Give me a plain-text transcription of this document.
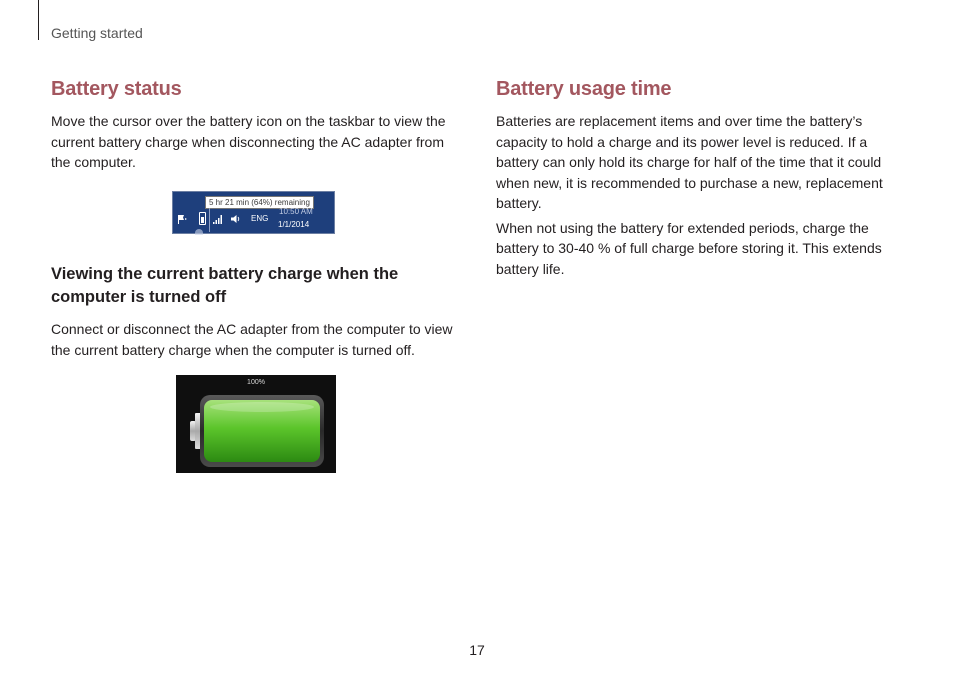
Getting started
Battery status

Move the cursor over the battery icon on the taskbar to view the current battery charge when disconnecting the AC adapter from the computer.

5 hr 21 min (64%) remaining
ENG
10:50 AM
1/1/2014
Viewing the current battery charge when the computer is turned off

Connect or disconnect the AC adapter from the computer to view the current battery charge when the computer is turned off.

100%
Battery usage time

Batteries are replacement items and over time the battery’s capacity to hold a charge and its power level is reduced. If a battery can only hold its charge for half of the time that it could when new, it is recommended to purchase a new, replacement battery.

When not using the battery for extended periods, charge the battery to 30-40 % of full charge before storing it. This extends battery life.

17
